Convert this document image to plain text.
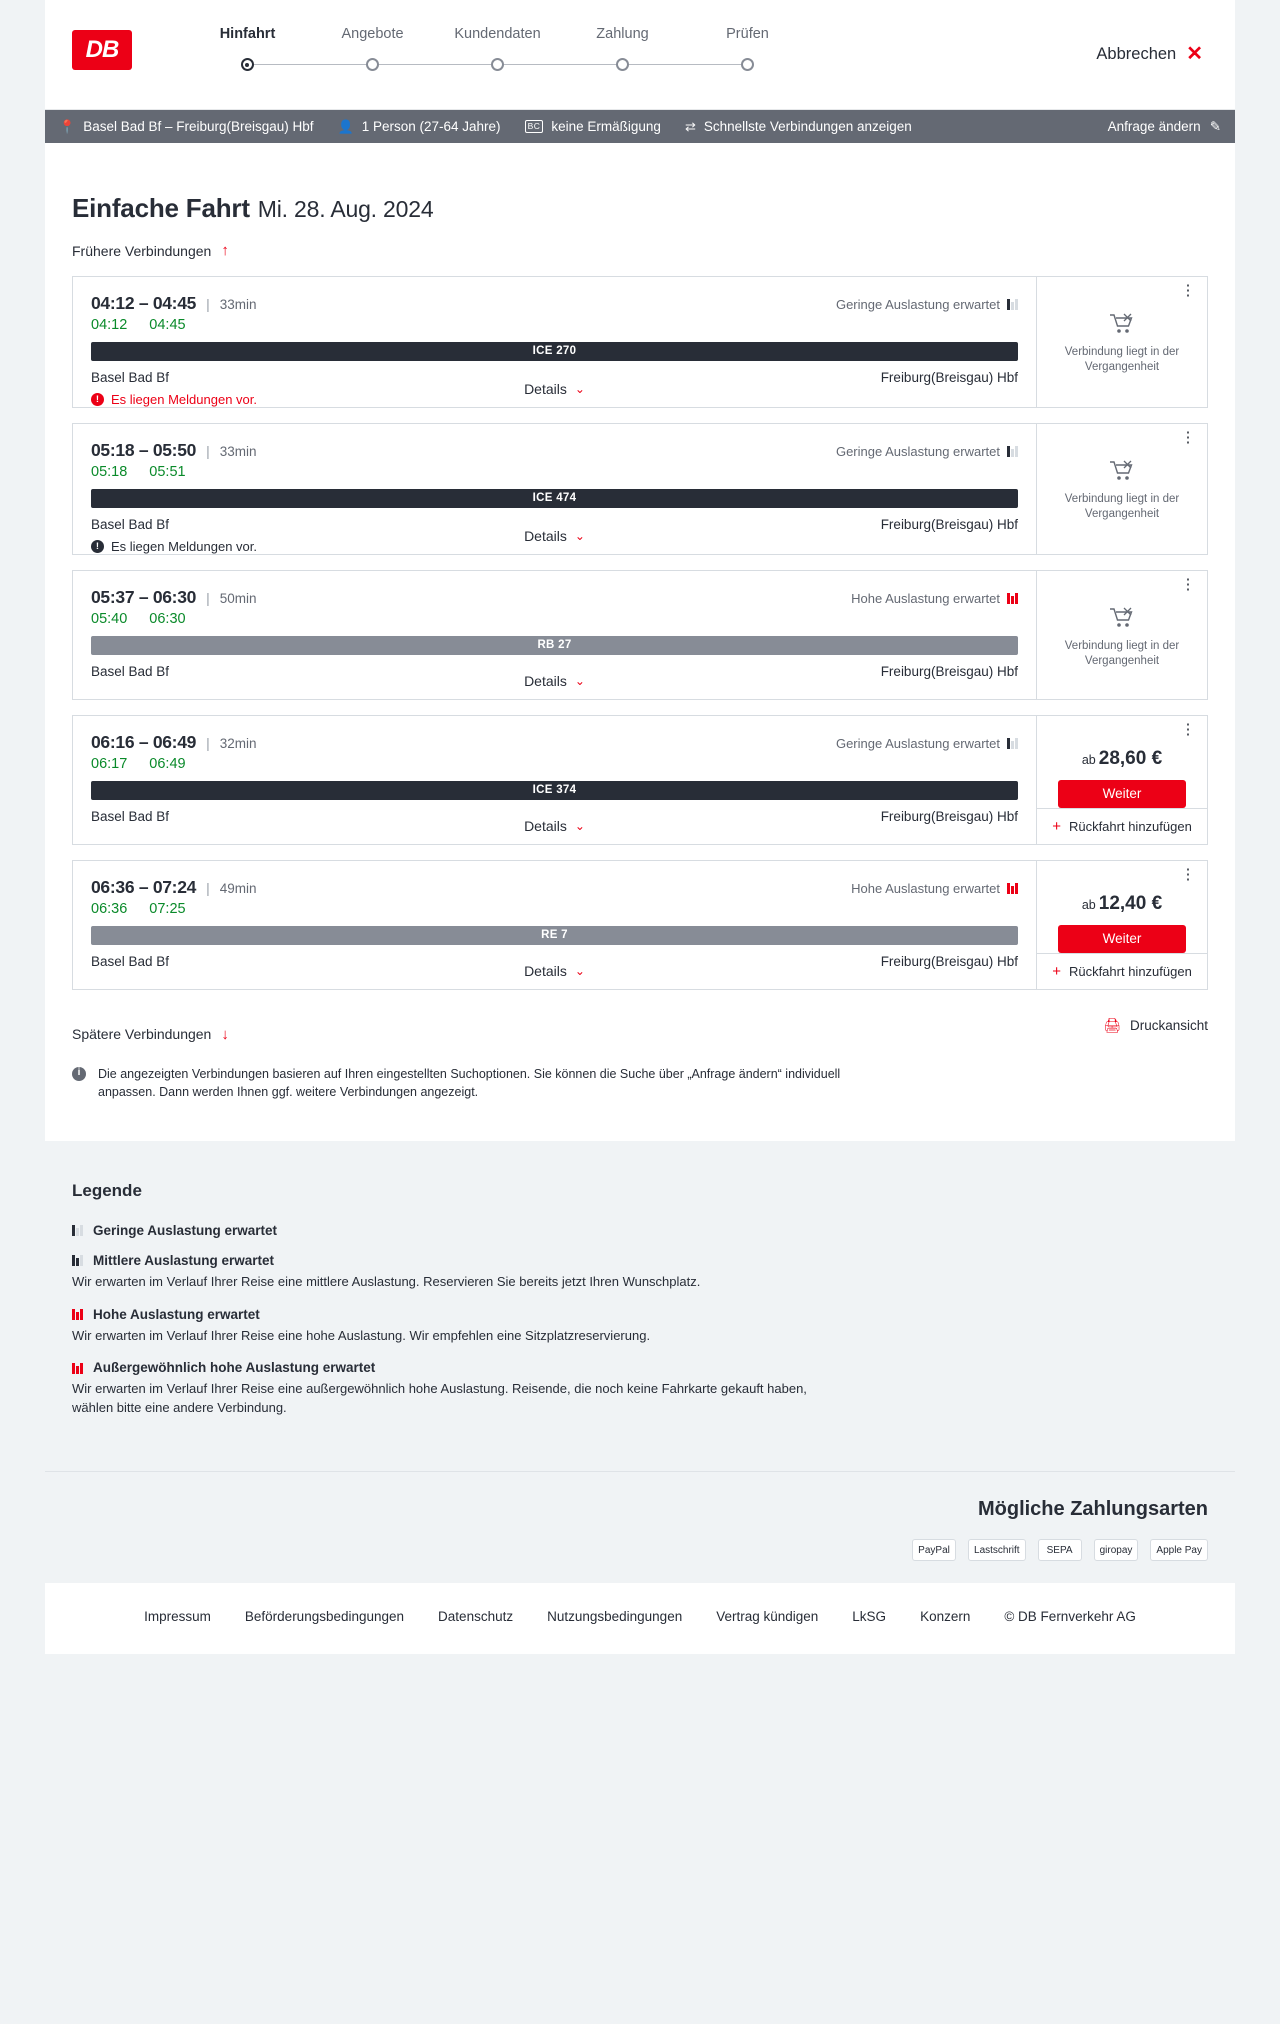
DB
Hinfahrt	Angebote	Kundendaten	Zahlung	Prüfen
Abbrechen ✕
📍 Basel Bad Bf – Freiburg(Breisgau) Hbf 👤 1 Person (27-64 Jahre)	BC keine Ermäßigung ⇄ Schnellste Verbindungen anzeigen	Anfrage ändern ✎
Einfache Fahrt Mi. 28. Aug. 2024
Frühere Verbindungen ↑
04:12 – 04:45 | 33min	Geringe Auslastung erwartet
04:12 04:45
ICE 270
Basel Bad Bf	Freiburg(Breisgau) Hbf
! Es liegen Meldungen vor.
Details ⌄
⋮
Verbindung liegt in der Vergangenheit
05:18 – 05:50 | 33min	Geringe Auslastung erwartet
05:18 05:51
ICE 474
Basel Bad Bf	Freiburg(Breisgau) Hbf
! Es liegen Meldungen vor.
Details ⌄
⋮
Verbindung liegt in der Vergangenheit
05:37 – 06:30 | 50min	Hohe Auslastung erwartet
05:40 06:30
RB 27
Basel Bad Bf	Freiburg(Breisgau) Hbf
Details ⌄
⋮
Verbindung liegt in der Vergangenheit
06:16 – 06:49 | 32min	Geringe Auslastung erwartet
06:17 06:49
ICE 374
Basel Bad Bf	Freiburg(Breisgau) Hbf
Details ⌄
⋮
ab 28,60 €
Weiter
+ Rückfahrt hinzufügen
06:36 – 07:24 | 49min	Hohe Auslastung erwartet
06:36 07:25
RE 7
Basel Bad Bf	Freiburg(Breisgau) Hbf
Details ⌄
⋮
ab 12,40 €
Weiter
+ Rückfahrt hinzufügen
Spätere Verbindungen ↓
🖨 Druckansicht
i	Die angezeigten Verbindungen basieren auf Ihren eingestellten Suchoptionen. Sie können die Suche über „Anfrage ändern“ individuell anpassen. Dann werden Ihnen ggf. weitere Verbindungen angezeigt.
Legende
Geringe Auslastung erwartet
Mittlere Auslastung erwartet
Wir erwarten im Verlauf Ihrer Reise eine mittlere Auslastung. Reservieren Sie bereits jetzt Ihren Wunschplatz.
Hohe Auslastung erwartet
Wir erwarten im Verlauf Ihrer Reise eine hohe Auslastung. Wir empfehlen eine Sitzplatzreservierung.
Außergewöhnlich hohe Auslastung erwartet
Wir erwarten im Verlauf Ihrer Reise eine außergewöhnlich hohe Auslastung. Reisende, die noch keine Fahrkarte gekauft haben, wählen bitte eine andere Verbindung.
Mögliche Zahlungsarten
PayPal	Lastschrift	SEPA	giropay	Apple Pay
Impressum	Beförderungsbedingungen	Datenschutz	Nutzungsbedingungen	Vertrag kündigen	LkSG	Konzern	© DB Fernverkehr AG
